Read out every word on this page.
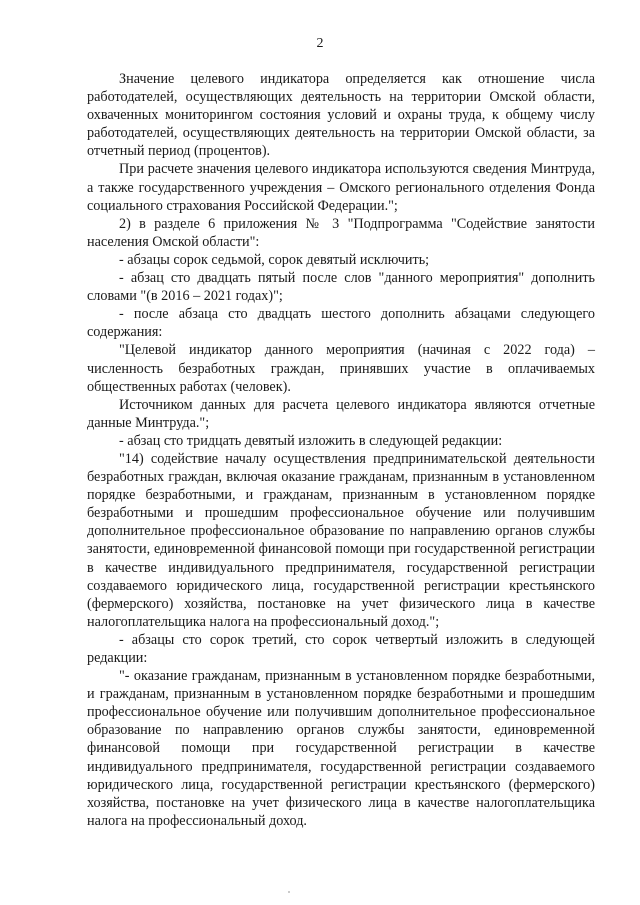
2

Значение целевого индикатора определяется как отношение числа работодателей, осуществляющих деятельность на территории Омской области, охваченных мониторингом состояния условий и охраны труда, к общему числу работодателей, осуществляющих деятельность на территории Омской области, за отчетный период (процентов).

При расчете значения целевого индикатора используются сведения Минтруда, а также государственного учреждения – Омского регионального отделения Фонда социального страхования Российской Федерации.";

2) в разделе 6 приложения № 3 "Подпрограмма "Содействие занятости населения Омской области":

- абзацы сорок седьмой, сорок девятый исключить;

- абзац сто двадцать пятый после слов "данного мероприятия" дополнить словами "(в 2016 – 2021 годах)";

- после абзаца сто двадцать шестого дополнить абзацами следующего содержания:

"Целевой индикатор данного мероприятия (начиная с 2022 года) – численность безработных граждан, принявших участие в оплачиваемых общественных работах (человек).

Источником данных для расчета целевого индикатора являются отчетные данные Минтруда.";

- абзац сто тридцать девятый изложить в следующей редакции:

"14) содействие началу осуществления предпринимательской деятельности безработных граждан, включая оказание гражданам, признанным в установленном порядке безработными, и гражданам, признанным в установленном порядке безработными и прошедшим профессиональное обучение или получившим дополнительное профессиональное образование по направлению органов службы занятости, единовременной финансовой помощи при государственной регистрации в качестве индивидуального предпринимателя, государственной регистрации создаваемого юридического лица, государственной регистрации крестьянского (фермерского) хозяйства, постановке на учет физического лица в качестве налогоплательщика налога на профессиональный доход.";

- абзацы сто сорок третий, сто сорок четвертый изложить в следующей редакции:

"- оказание гражданам, признанным в установленном порядке безработными, и гражданам, признанным в установленном порядке безработными и прошедшим профессиональное обучение или получившим дополнительное профессиональное образование по направлению органов службы занятости, единовременной финансовой помощи при государственной регистрации в качестве индивидуального предпринимателя, государственной регистрации создаваемого юридического лица, государственной регистрации крестьянского (фермерского) хозяйства, постановке на учет физического лица в качестве налогоплательщика налога на профессиональный доход.
